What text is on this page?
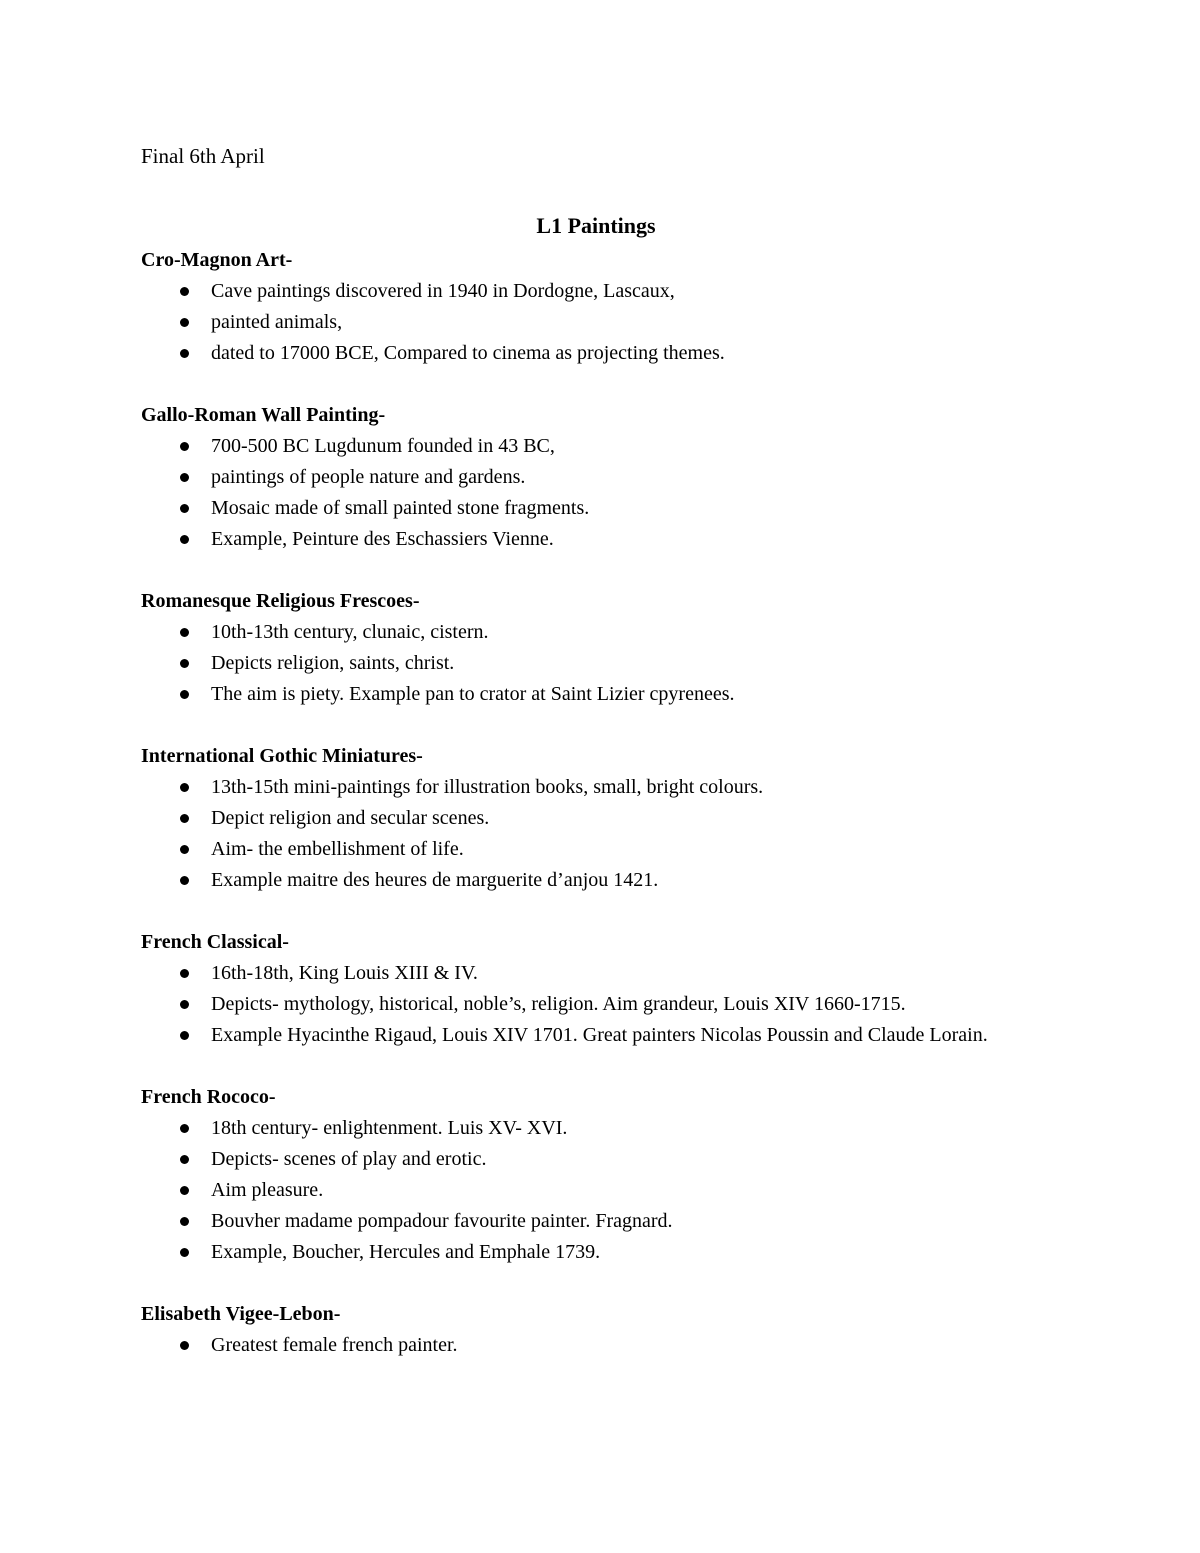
Final 6th April

L1 Paintings

Cro-Magnon Art-

Cave paintings discovered in 1940 in Dordogne, Lascaux,
painted animals,
dated to 17000 BCE, Compared to cinema as projecting themes.

Gallo-Roman Wall Painting-

700-500 BC Lugdunum founded in 43 BC,
paintings of people nature and gardens.
Mosaic made of small painted stone fragments.
Example, Peinture des Eschassiers Vienne.

Romanesque Religious Frescoes-

10th-13th century, clunaic, cistern.
Depicts religion, saints, christ.
The aim is piety. Example pan to crator at Saint Lizier cpyrenees.

International Gothic Miniatures-

13th-15th mini-paintings for illustration books, small, bright colours.
Depict religion and secular scenes.
Aim- the embellishment of life.
Example maitre des heures de marguerite d’anjou 1421.

French Classical-

16th-18th, King Louis XIII & IV.
Depicts- mythology, historical, noble’s, religion. Aim grandeur, Louis XIV 1660-1715.
Example Hyacinthe Rigaud, Louis XIV 1701. Great painters Nicolas Poussin and Claude Lorain.

French Rococo-

18th century- enlightenment. Luis XV- XVI.
Depicts- scenes of play and erotic.
Aim pleasure.
Bouvher madame pompadour favourite painter. Fragnard.
Example, Boucher, Hercules and Emphale 1739.

Elisabeth Vigee-Lebon-

Greatest female french painter.
